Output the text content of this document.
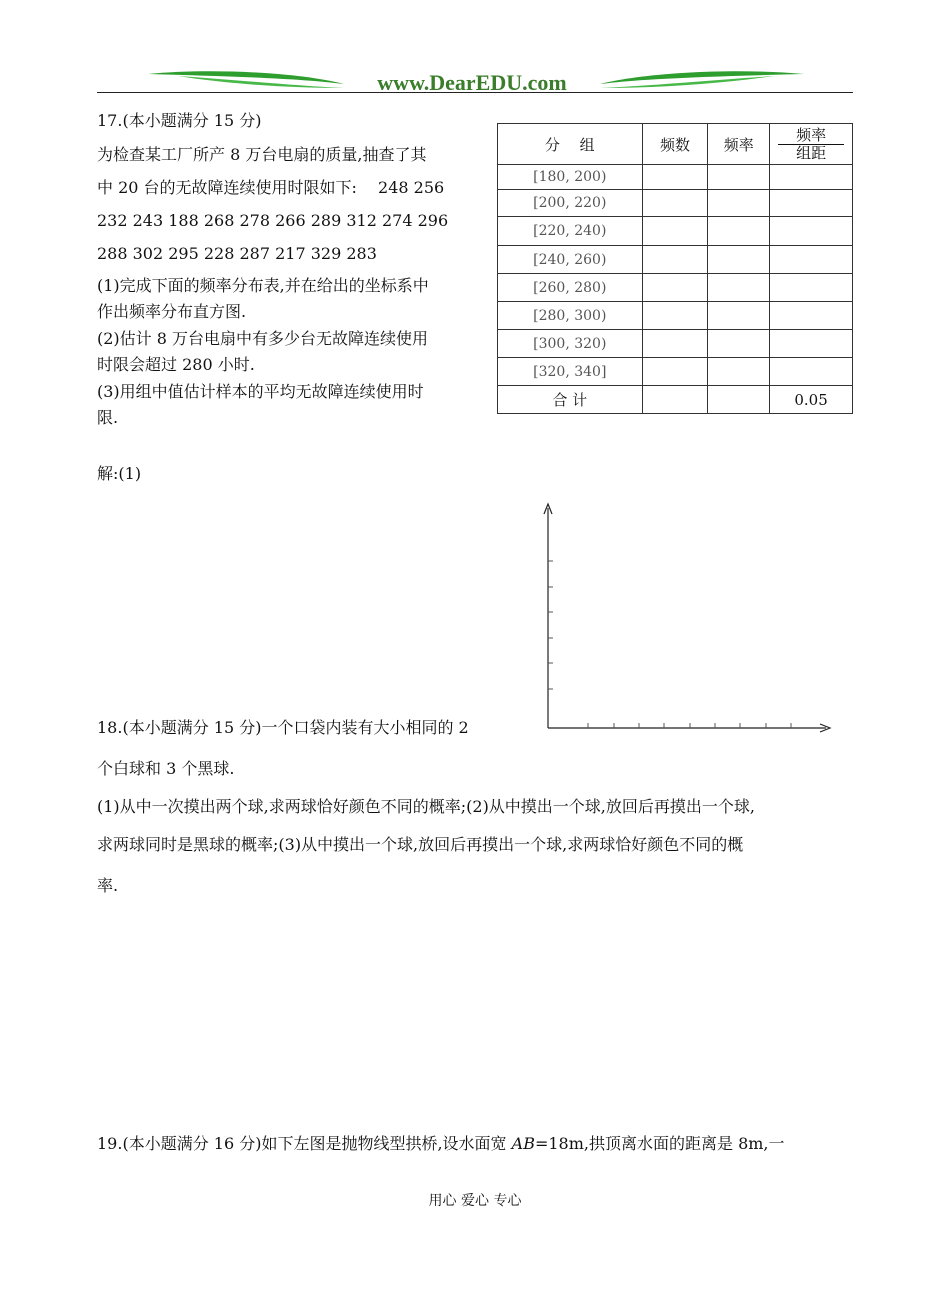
www.DearEDU.com
17.(本小题满分 15 分)
为检查某工厂所产 8 万台电扇的质量,抽查了其
中 20 台的无故障连续使用时限如下:　 248 256
232 243 188 268 278 266 289 312 274 296
288 302 295 228 287 217 329 283
(1)完成下面的频率分布表,并在给出的坐标系中
作出频率分布直方图.
(2)估计 8 万台电扇中有多少台无故障连续使用
时限会超过 280 小时.
(3)用组中值估计样本的平均无故障连续使用时
限.
分　 组	频数	频率	频率
组距

[180, 200)			
[200, 220)			
[220, 240)			
[240, 260)			
[260, 280)			
[280, 300)			
[300, 320)			
[320, 340]			
合 计			0.05
解:(1)
18.(本小题满分 15 分)一个口袋内装有大小相同的 2
个白球和 3 个黑球.
(1)从中一次摸出两个球,求两球恰好颜色不同的概率;(2)从中摸出一个球,放回后再摸出一个球,
求两球同时是黑球的概率;(3)从中摸出一个球,放回后再摸出一个球,求两球恰好颜色不同的概
率.
19.(本小题满分 16 分)如下左图是抛物线型拱桥,设水面宽 AB=18m,拱顶离水面的距离是 8m,一
用心 爱心 专心
